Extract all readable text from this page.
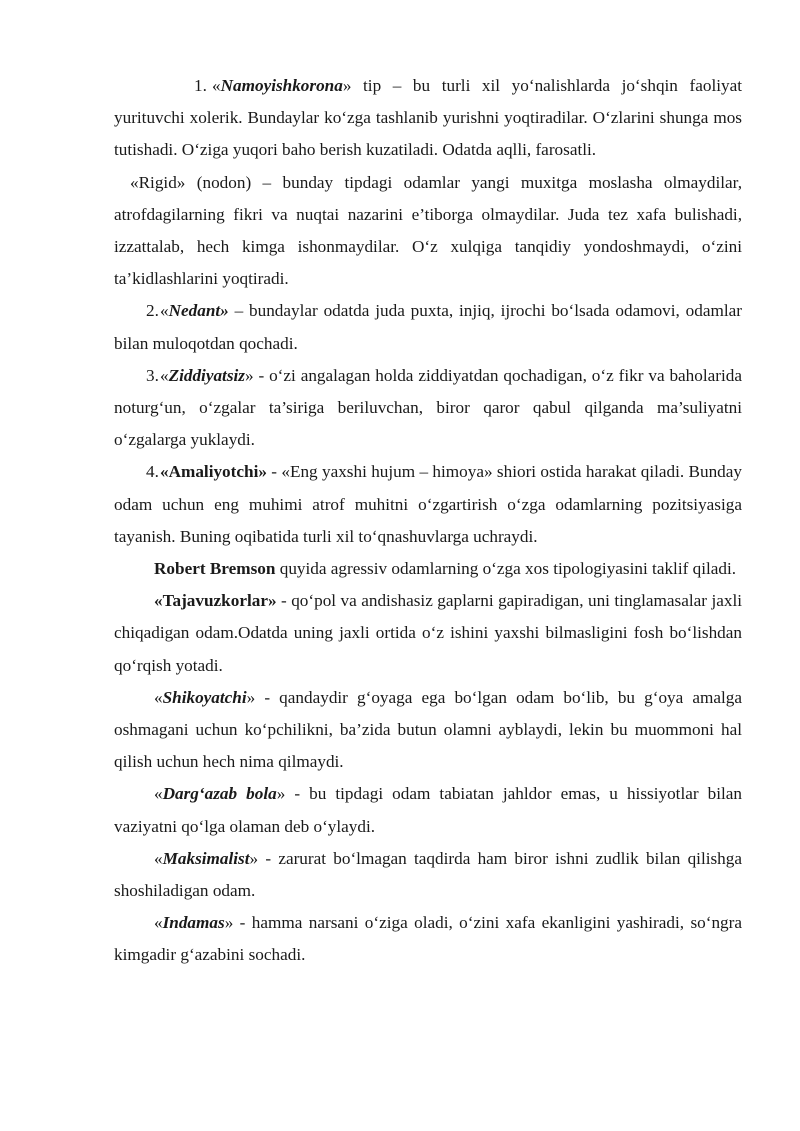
1. «Namoyishkorona» tip – bu turli xil yo‘nalishlarda jo‘shqin faoliyat yurituvchi xolerik. Bundaylar ko‘zga tashlanib yurishni yoqtiradilar. O‘zlarini shunga mos tutishadi. O‘ziga yuqori baho berish kuzatiladi. Odatda aqlli, farosatli.

«Rigid» (nodon) – bunday tipdagi odamlar yangi muxitga moslasha olmaydilar, atrofdagilarning fikri va nuqtai nazarini e’tiborga olmaydilar. Juda tez xafa bulishadi, izzattalab, hech kimga ishonmaydilar. O‘z xulqiga tanqidiy yondoshmaydi, o‘zini ta’kidlashlarini yoqtiradi.

2.«Nedant» – bundaylar odatda juda puxta, injiq, ijrochi bo‘lsada odamovi, odamlar bilan muloqotdan qochadi.

3.«Ziddiyatsiz» - o‘zi angalagan holda ziddiyatdan qochadigan, o‘z fikr va baholarida noturg‘un, o‘zgalar ta’siriga beriluvchan, biror qaror qabul qilganda ma’suliyatni o‘zgalarga yuklaydi.

4.«Amaliyotchi» - «Eng yaxshi hujum – himoya» shiori ostida harakat qiladi. Bunday odam uchun eng muhimi atrof muhitni o‘zgartirish o‘zga odamlarning pozitsiyasiga tayanish. Buning oqibatida turli xil to‘qnashuvlarga uchraydi.

Robert Bremson quyida agressiv odamlarning o‘zga xos tipologiyasini taklif qiladi.

«Tajavuzkorlar» - qo‘pol va andishasiz gaplarni gapiradigan, uni tinglamasalar jaxli chiqadigan odam.Odatda uning jaxli ortida o‘z ishini yaxshi bilmasligini fosh bo‘lishdan qo‘rqish yotadi.

«Shikoyatchi» - qandaydir g‘oyaga ega bo‘lgan odam bo‘lib, bu g‘oya amalga oshmagani uchun ko‘pchilikni, ba’zida butun olamni ayblaydi, lekin bu muommoni hal qilish uchun hech nima qilmaydi.

«Darg‘azab bola» - bu tipdagi odam tabiatan jahldor emas, u hissiyotlar bilan vaziyatni qo‘lga olaman deb o‘ylaydi.

«Maksimalist» - zarurat bo‘lmagan taqdirda ham biror ishni zudlik bilan qilishga shoshiladigan odam.

«Indamas» - hamma narsani o‘ziga oladi, o‘zini xafa ekanligini yashiradi, so‘ngra kimgadir g‘azabini sochadi.
